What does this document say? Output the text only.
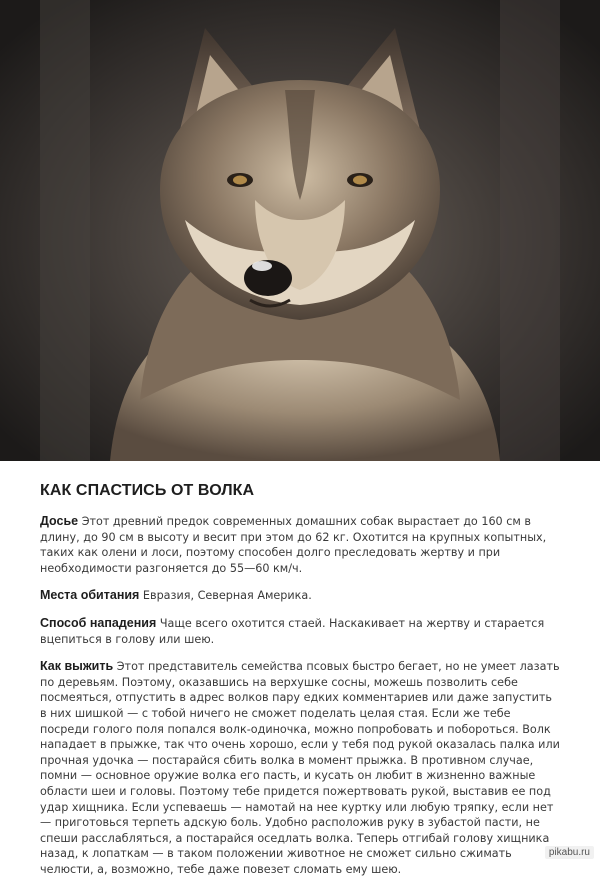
КАК СПАСТИСЬ ОТ ВОЛКА

Досье Этот древний предок современных домашних собак вырастает до 160 см в длину, до 90 см в высоту и весит при этом до 62 кг. Охотится на крупных копытных, таких как олени и лоси, поэтому способен долго преследовать жертву и при необходимости разгоняется до 55—60 км/ч.

Места обитания Евразия, Северная Америка.

Способ нападения Чаще всего охотится стаей. Наскакивает на жертву и старается вцепиться в голову или шею.

Как выжить Этот представитель семейства псовых быстро бегает, но не умеет лазать по деревьям. Поэтому, оказавшись на верхушке сосны, можешь позволить себе посмеяться, отпустить в адрес волков пару едких комментариев или даже запустить в них шишкой — с тобой ничего не сможет поделать целая стая. Если же тебе посреди голого поля попался волк-одиночка, можно попробовать и побороться. Волк нападает в прыжке, так что очень хорошо, если у тебя под рукой оказалась палка или прочная удочка — постарайся сбить волка в момент прыжка. В противном случае, помни — основное оружие волка его пасть, и кусать он любит в жизненно важные области шеи и головы. Поэтому тебе придется пожертвовать рукой, выставив ее под удар хищника. Если успеваешь — намотай на нее куртку или любую тряпку, если нет — приготовься терпеть адскую боль. Удобно расположив руку в зубастой пасти, не спеши расслабляться, а постарайся оседлать волка. Теперь отгибай голову хищника назад, к лопаткам — в таком положении животное не сможет сильно сжимать челюсти, а, возможно, тебе даже повезет сломать ему шею.

pikabu.ru
